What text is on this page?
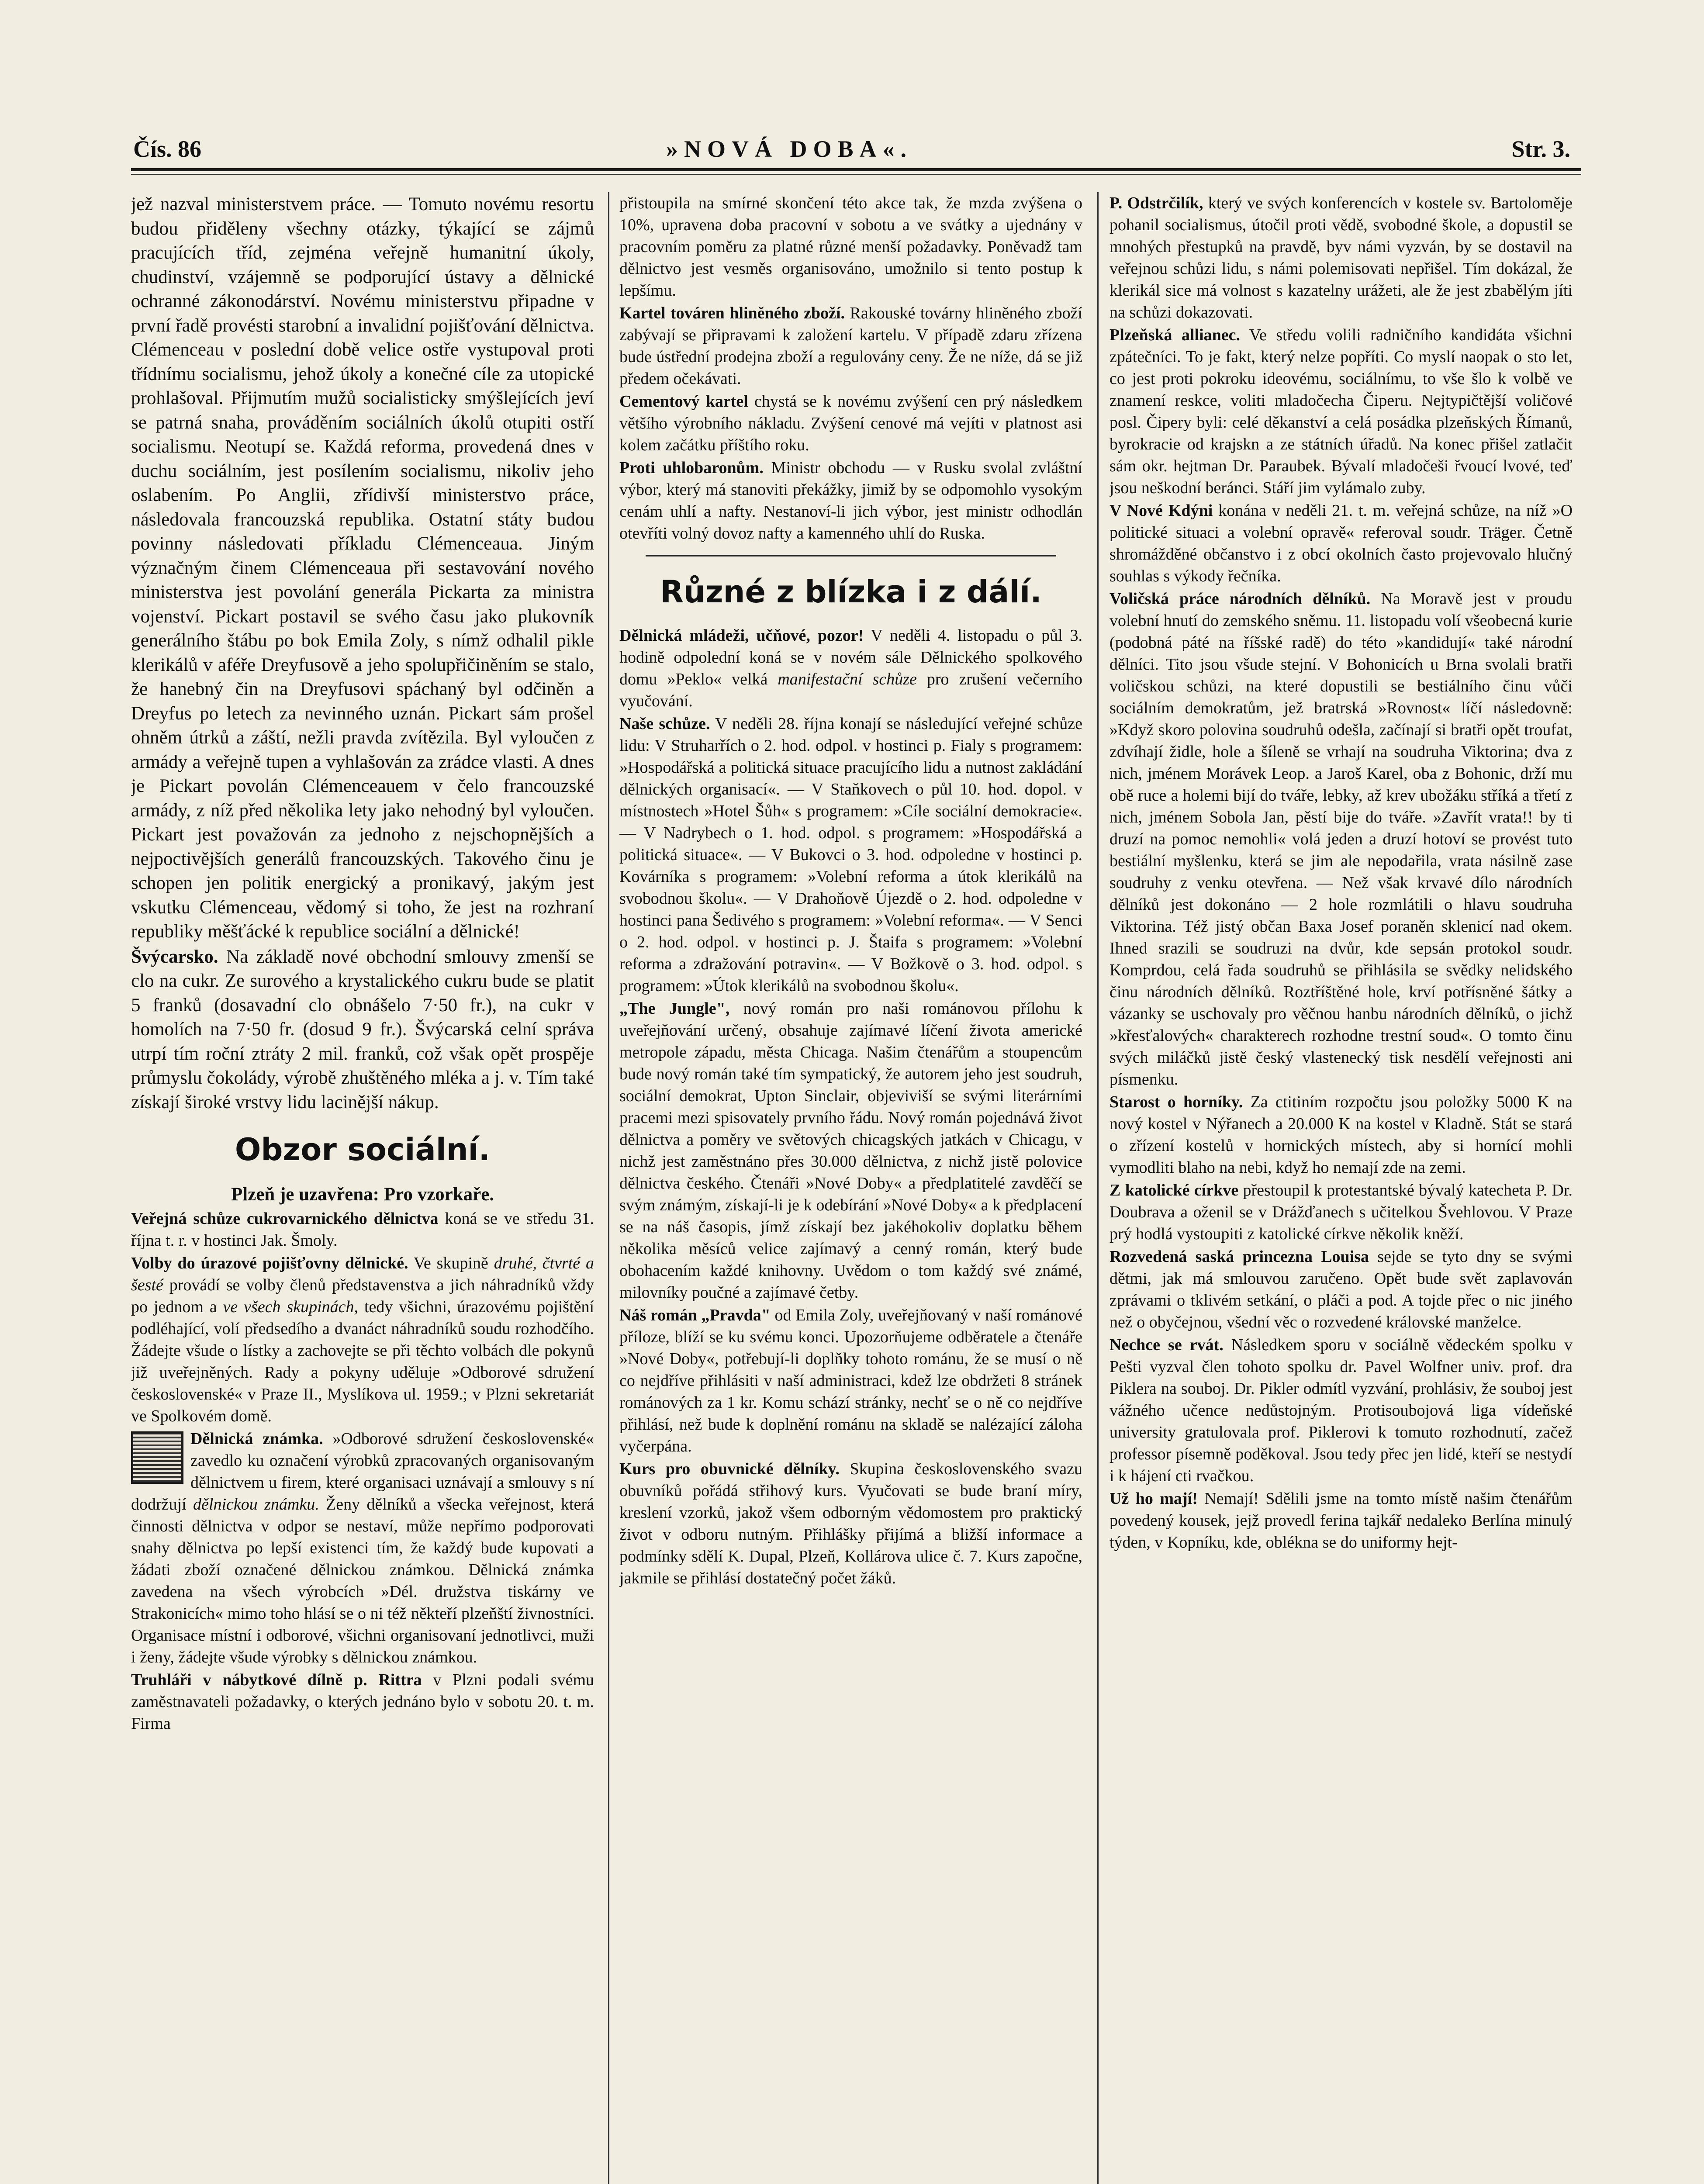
Čís. 86	»NOVÁ DOBA«.	Str. 3.

jež nazval ministerstvem práce. — Tomuto novému resortu budou přiděleny všechny otázky, týkající se zájmů pracujících tříd, zejména veřejně humanitní úkoly, chudinství, vzájemně se podporující ústavy a dělnické ochranné zákonodárství. Novému ministerstvu připadne v první řadě provésti starobní a invalidní pojišťování dělnictva. Clémenceau v poslední době velice ostře vystupoval proti třídnímu socialismu, jehož úkoly a konečné cíle za utopické prohlašoval. Přijmutím mužů socialisticky smýšlejících jeví se patrná snaha, prováděním sociálních úkolů otupiti ostří socialismu. Neotupí se. Každá reforma, provedená dnes v duchu sociálním, jest posílením socialismu, nikoliv jeho oslabením. Po Anglii, zřídivší ministerstvo práce, následovala francouzská republika. Ostatní státy budou povinny následovati příkladu Clémenceaua. Jiným význačným činem Clémenceaua při sestavování nového ministerstva jest povolání generála Pickarta za ministra vojenství. Pickart postavil se svého času jako plukovník generálního štábu po bok Emila Zoly, s nímž odhalil pikle klerikálů v aféře Dreyfusově a jeho spolupřičiněním se stalo, že hanebný čin na Dreyfusovi spáchaný byl odčiněn a Dreyfus po letech za nevinného uznán. Pickart sám prošel ohněm útrků a záští, nežli pravda zvítězila. Byl vyloučen z armády a veřejně tupen a vyhlašován za zrádce vlasti. A dnes je Pickart povolán Clémenceauem v čelo francouzské armády, z níž před několika lety jako nehodný byl vyloučen. Pickart jest považován za jednoho z nejschopnějších a nejpoctivějších generálů francouzských. Takového činu je schopen jen politik energický a pronikavý, jakým jest vskutku Clémenceau, vědomý si toho, že jest na rozhraní republiky měšťácké k republice sociální a dělnické!

Švýcarsko. Na základě nové obchodní smlouvy zmenší se clo na cukr. Ze surového a krystalického cukru bude se platit 5 franků (dosavadní clo obnášelo 7·50 fr.), na cukr v homolích na 7·50 fr. (dosud 9 fr.). Švýcarská celní správa utrpí tím roční ztráty 2 mil. franků, což však opět prospěje průmyslu čokolády, výrobě zhuštěného mléka a j. v. Tím také získají široké vrstvy lidu lacinější nákup.

Obzor sociální.

Plzeň je uzavřena: Pro vzorkaře.

Veřejná schůze cukrovarnického dělnictva koná se ve středu 31. října t. r. v hostinci Jak. Šmoly.

Volby do úrazové pojišťovny dělnické. Ve skupině druhé, čtvrté a šesté provádí se volby členů představenstva a jich náhradníků vždy po jednom a ve všech skupinách, tedy všichni, úrazovému pojištění podléhající, volí předsedího a dvanáct náhradníků soudu rozhodčího. Žádejte všude o lístky a zachovejte se při těchto volbách dle pokynů již uveřejněných. Rady a pokyny uděluje »Odborové sdružení československé« v Praze II., Myslíkova ul. 1959.; v Plzni sekretariát ve Spolkovém domě.

Dělnická známka. »Odborové sdružení československé« zavedlo ku označení výrobků zpracovaných organisovaným dělnictvem u firem, které organisaci uznávají a smlouvy s ní dodržují dělnickou známku. Ženy dělníků a všecka veřejnost, která činnosti dělnictva v odpor se nestaví, může nepřímo podporovati snahy dělnictva po lepší existenci tím, že každý bude kupovati a žádati zboží označené dělnickou známkou. Dělnická známka zavedena na všech výrobcích »Dél. družstva tiskárny ve Strakonicích« mimo toho hlásí se o ni též někteří plzeňští živnostníci. Organisace místní i odborové, všichni organisovaní jednotlivci, muži i ženy, žádejte všude výrobky s dělnickou známkou.

Truhláři v nábytkové dílně p. Rittra v Plzni podali svému zaměstnavateli požadavky, o kterých jednáno bylo v sobotu 20. t. m. Firma

přistoupila na smírné skončení této akce tak, že mzda zvýšena o 10%, upravena doba pracovní v sobotu a ve svátky a ujednány v pracovním poměru za platné různé menší požadavky. Poněvadž tam dělnictvo jest vesměs organisováno, umožnilo si tento postup k lepšímu.

Kartel továren hliněného zboží. Rakouské továrny hliněného zboží zabývají se připravami k založení kartelu. V případě zdaru zřízena bude ústřední prodejna zboží a regulovány ceny. Že ne níže, dá se již předem očekávati.

Cementový kartel chystá se k novému zvýšení cen prý následkem většího výrobního nákladu. Zvýšení cenové má vejíti v platnost asi kolem začátku příštího roku.

Proti uhlobaronům. Ministr obchodu — v Rusku svolal zvláštní výbor, který má stanoviti překážky, jimiž by se odpomohlo vysokým cenám uhlí a nafty. Nestanoví-li jich výbor, jest ministr odhodlán otevříti volný dovoz nafty a kamenného uhlí do Ruska.

Různé z blízka i z dálí.

Dělnická mládeži, učňové, pozor! V neděli 4. listopadu o půl 3. hodině odpolední koná se v novém sále Dělnického spolkového domu »Peklo« velká manifestační schůze pro zrušení večerního vyučování.

Naše schůze. V neděli 28. října konají se následující veřejné schůze lidu: V Struharřích o 2. hod. odpol. v hostinci p. Fialy s programem: »Hospodářská a politická situace pracujícího lidu a nutnost zakládání dělnických organisací«. — V Staňkovech o půl 10. hod. dopol. v místnostech »Hotel Šůh« s programem: »Cíle sociální demokracie«. — V Nadrybech o 1. hod. odpol. s programem: »Hospodářská a politická situace«. — V Bukovci o 3. hod. odpoledne v hostinci p. Kovárníka s programem: »Volební reforma a útok klerikálů na svobodnou školu«. — V Drahoňově Újezdě o 2. hod. odpoledne v hostinci pana Šedivého s programem: »Volební reforma«. — V Senci o 2. hod. odpol. v hostinci p. J. Štaifa s programem: »Volební reforma a zdražování potravin«. — V Božkově o 3. hod. odpol. s programem: »Útok klerikálů na svobodnou školu«.

„The Jungle", nový román pro naši románovou přílohu k uveřejňování určený, obsahuje zajímavé líčení života americké metropole západu, města Chicaga. Našim čtenářům a stoupencům bude nový román také tím sympatický, že autorem jeho jest soudruh, sociální demokrat, Upton Sinclair, objeviviší se svými literárními pracemi mezi spisovately prvního řádu. Nový román pojednává život dělnictva a poměry ve světových chicagských jatkách v Chicagu, v nichž jest zaměstnáno přes 30.000 dělnictva, z nichž jistě polovice dělnictva českého. Čtenáři »Nové Doby« a předplatitelé zavděčí se svým známým, získají-li je k odebírání »Nové Doby« a k předplacení se na náš časopis, jímž získají bez jakéhokoliv doplatku během několika měsíců velice zajímavý a cenný román, který bude obohacením každé knihovny. Uvědom o tom každý své známé, milovníky poučné a zajímavé četby.

Náš román „Pravda" od Emila Zoly, uveřejňovaný v naší románové příloze, blíží se ku svému konci. Upozorňujeme odběratele a čtenáře »Nové Doby«, potřebují-li doplňky tohoto románu, že se musí o ně co nejdříve přihlásiti v naší administraci, kdež lze obdržeti 8 stránek románových za 1 kr. Komu schází stránky, nechť se o ně co nejdříve přihlásí, než bude k doplnění románu na skladě se nalézající záloha vyčerpána.

Kurs pro obuvnické dělníky. Skupina československého svazu obuvníků pořádá střihový kurs. Vyučovati se bude braní míry, kreslení vzorků, jakož všem odborným vědomostem pro praktický život v odboru nutným. Přihlášky přijímá a bližší informace a podmínky sdělí K. Dupal, Plzeň, Kollárova ulice č. 7. Kurs započne, jakmile se přihlásí dostatečný počet žáků.

P. Odstrčilík, který ve svých konferencích v kostele sv. Bartoloměje pohanil socialismus, útočil proti vědě, svobodné škole, a dopustil se mnohých přestupků na pravdě, byv námi vyzván, by se dostavil na veřejnou schůzi lidu, s námi polemisovati nepřišel. Tím dokázal, že klerikál sice má volnost s kazatelny urážeti, ale že jest zbabělým jíti na schůzi dokazovati.

Plzeňská allianec. Ve středu volili radničního kandidáta všichni zpátečníci. To je fakt, který nelze popříti. Co myslí naopak o sto let, co jest proti pokroku ideovému, sociálnímu, to vše šlo k volbě ve znamení reskce, voliti mladočecha Čiperu. Nejtypičtější voličové posl. Čipery byli: celé děkanství a celá posádka plzeňských Římanů, byrokracie od krajskn a ze státních úřadů. Na konec přišel zatlačit sám okr. hejtman Dr. Paraubek. Bývalí mladočeši řvoucí lvové, teď jsou neškodní beránci. Stáří jim vylámalo zuby.

V Nové Kdýni konána v neděli 21. t. m. veřejná schůze, na níž »O politické situaci a volební opravě« referoval soudr. Träger. Četně shromážděné občanstvo i z obcí okolních často projevovalo hlučný souhlas s výkody řečníka.

Voličská práce národních dělníků. Na Moravě jest v proudu volební hnutí do zemského sněmu. 11. listopadu volí všeobecná kurie (podobná páté na říšské radě) do této »kandidují« také národní dělníci. Tito jsou všude stejní. V Bohonicích u Brna svolali bratři voličskou schůzi, na které dopustili se bestiálního činu vůči sociálním demokratům, jež bratrská »Rovnost« líčí následovně: »Když skoro polovina soudruhů odešla, začínají si bratři opět troufat, zdvíhají židle, hole a šíleně se vrhají na soudruha Viktorina; dva z nich, jménem Morávek Leop. a Jaroš Karel, oba z Bohonic, drží mu obě ruce a holemi bijí do tváře, lebky, až krev ubožáku stříká a třetí z nich, jménem Sobola Jan, pěstí bije do tváře. »Zavřít vrata!! by ti druzí na pomoc nemohli« volá jeden a druzí hotoví se provést tuto bestiální myšlenku, která se jim ale nepodařila, vrata násilně zase soudruhy z venku otevřena. — Než však krvavé dílo národních dělníků jest dokonáno — 2 hole rozmlátili o hlavu soudruha Viktorina. Též jistý občan Baxa Josef poraněn sklenicí nad okem. Ihned srazili se soudruzi na dvůr, kde sepsán protokol soudr. Komprdou, celá řada soudruhů se přihlásila se svědky nelidského činu národních dělníků. Roztříštěné hole, krví potřísněné šátky a vázanky se uschovaly pro věčnou hanbu národních dělníků, o jichž »křesťalových« charakterech rozhodne trestní soud«. O tomto činu svých miláčků jistě český vlastenecký tisk nesdělí veřejnosti ani písmenku.

Starost o horníky. Za ctitiním rozpočtu jsou položky 5000 K na nový kostel v Nýřanech a 20.000 K na kostel v Kladně. Stát se stará o zřízení kostelů v hornických místech, aby si hornící mohli vymodliti blaho na nebi, když ho nemají zde na zemi.

Z katolické církve přestoupil k protestantské bývalý katecheta P. Dr. Doubrava a oženil se v Drážďanech s učitelkou Švehlovou. V Praze prý hodlá vystoupiti z katolické církve několik kněží.

Rozvedená saská princezna Louisa sejde se tyto dny se svými dětmi, jak má smlouvou zaručeno. Opět bude svět zaplavován zprávami o tklivém setkání, o pláči a pod. A tojde přec o nic jiného než o obyčejnou, všední věc o rozvedené královské manželce.

Nechce se rvát. Následkem sporu v sociálně vědeckém spolku v Pešti vyzval člen tohoto spolku dr. Pavel Wolfner univ. prof. dra Piklera na souboj. Dr. Pikler odmítl vyzvání, prohlásiv, že souboj jest vážného učence nedůstojným. Protisoubojová liga vídeňské university gratulovala prof. Piklerovi k tomuto rozhodnutí, začež professor písemně poděkoval. Jsou tedy přec jen lidé, kteří se nestydí i k hájení cti rvačkou.

Už ho mají! Nemají! Sdělili jsme na tomto místě našim čtenářům povedený kousek, jejž provedl ferina tajkář nedaleko Berlína minulý týden, v Kopníku, kde, oblékna se do uniformy hejt-
